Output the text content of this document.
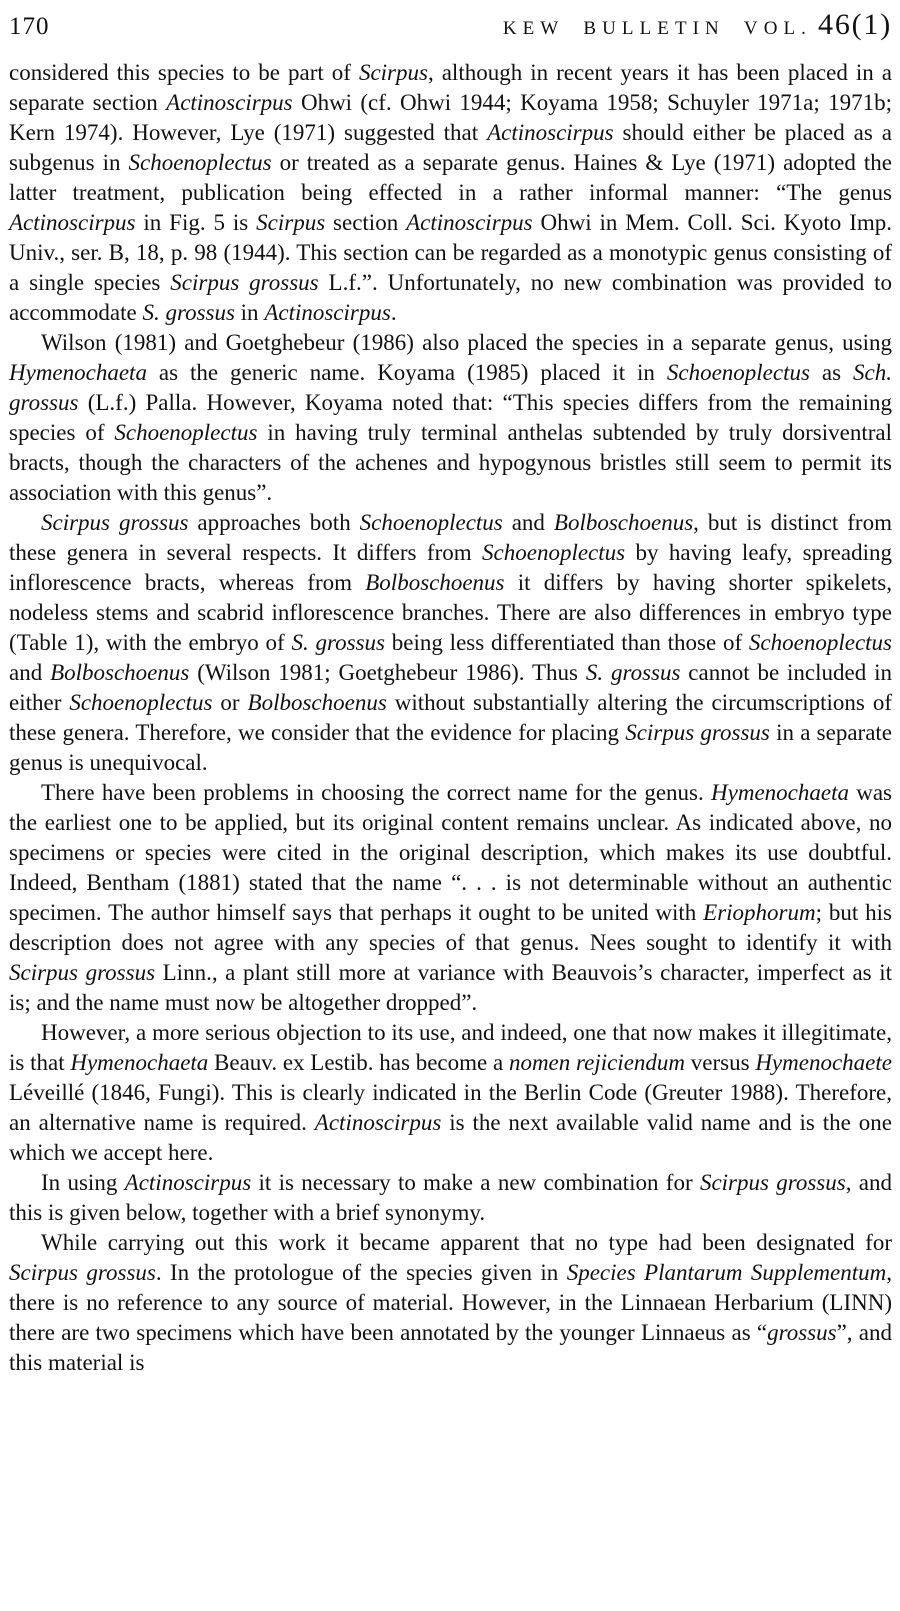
170	KEW BULLETIN VOL. 46(1)

considered this species to be part of Scirpus, although in recent years it has been placed in a separate section Actinoscirpus Ohwi (cf. Ohwi 1944; Koyama 1958; Schuyler 1971a; 1971b; Kern 1974). However, Lye (1971) suggested that Actinoscirpus should either be placed as a subgenus in Schoenoplectus or treated as a separate genus. Haines & Lye (1971) adopted the latter treatment, publication being effected in a rather informal manner: “The genus Actinoscirpus in Fig. 5 is Scirpus section Actinoscirpus Ohwi in Mem. Coll. Sci. Kyoto Imp. Univ., ser. B, 18, p. 98 (1944). This section can be regarded as a monotypic genus consisting of a single species Scirpus grossus L.f.”. Unfortunately, no new combination was provided to accommodate S. grossus in Actinoscirpus.

Wilson (1981) and Goetghebeur (1986) also placed the species in a separate genus, using Hymenochaeta as the generic name. Koyama (1985) placed it in Schoenoplectus as Sch. grossus (L.f.) Palla. However, Koyama noted that: “This species differs from the remaining species of Schoenoplectus in having truly terminal anthelas subtended by truly dorsiventral bracts, though the characters of the achenes and hypogynous bristles still seem to permit its association with this genus”.

Scirpus grossus approaches both Schoenoplectus and Bolboschoenus, but is distinct from these genera in several respects. It differs from Schoenoplectus by having leafy, spreading inflorescence bracts, whereas from Bolboschoenus it differs by having shorter spikelets, nodeless stems and scabrid inflorescence branches. There are also differences in embryo type (Table 1), with the embryo of S. grossus being less differentiated than those of Schoenoplectus and Bolboschoenus (Wilson 1981; Goetghebeur 1986). Thus S. grossus cannot be included in either Schoenoplectus or Bolboschoenus without substantially altering the circumscriptions of these genera. Therefore, we consider that the evidence for placing Scirpus grossus in a separate genus is unequivocal.

There have been problems in choosing the correct name for the genus. Hymenochaeta was the earliest one to be applied, but its original content remains unclear. As indicated above, no specimens or species were cited in the original description, which makes its use doubtful. Indeed, Bentham (1881) stated that the name “. . . is not determinable without an authentic specimen. The author himself says that perhaps it ought to be united with Eriophorum; but his description does not agree with any species of that genus. Nees sought to identify it with Scirpus grossus Linn., a plant still more at variance with Beauvois’s character, imperfect as it is; and the name must now be altogether dropped”.

However, a more serious objection to its use, and indeed, one that now makes it illegitimate, is that Hymenochaeta Beauv. ex Lestib. has become a nomen rejiciendum versus Hymenochaete Léveillé (1846, Fungi). This is clearly indicated in the Berlin Code (Greuter 1988). Therefore, an alternative name is required. Actinoscirpus is the next available valid name and is the one which we accept here.

In using Actinoscirpus it is necessary to make a new combination for Scirpus grossus, and this is given below, together with a brief synonymy.

While carrying out this work it became apparent that no type had been designated for Scirpus grossus. In the protologue of the species given in Species Plantarum Supplementum, there is no reference to any source of material. However, in the Linnaean Herbarium (LINN) there are two specimens which have been annotated by the younger Linnaeus as “grossus”, and this material is
